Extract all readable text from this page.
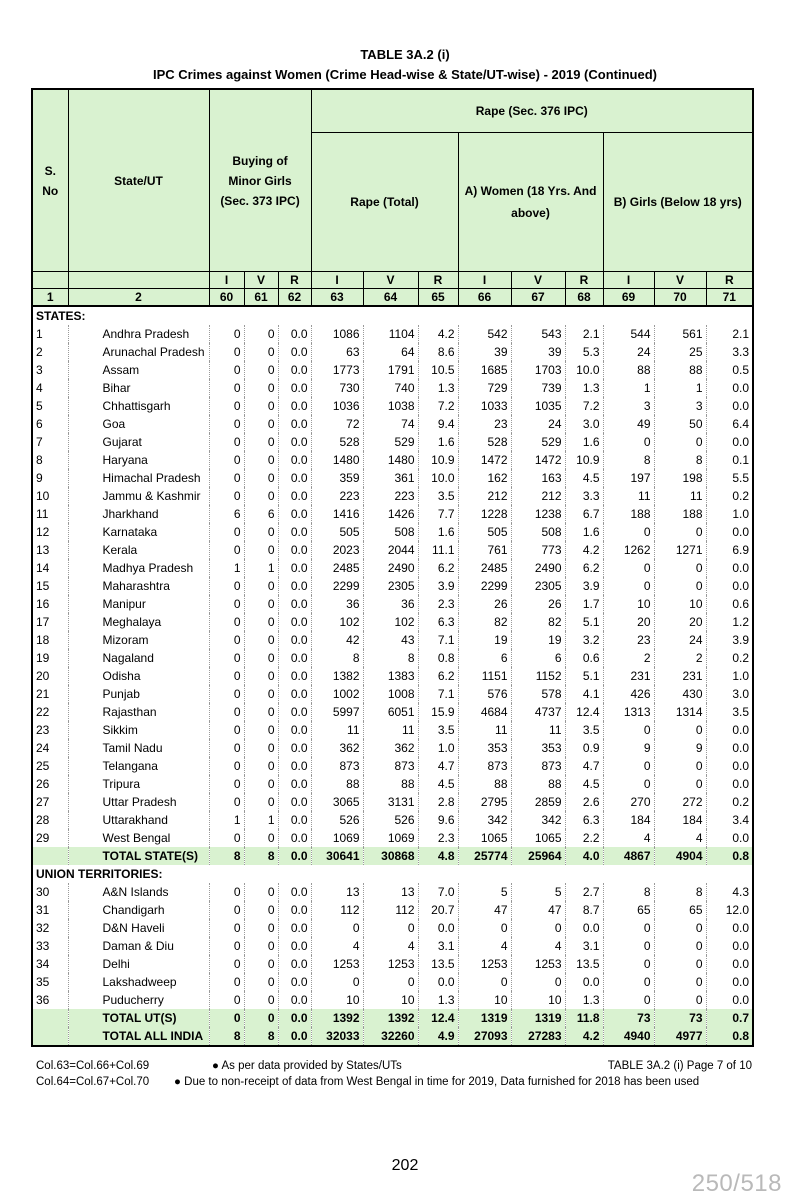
TABLE 3A.2 (i)
IPC Crimes against Women (Crime Head-wise & State/UT-wise) - 2019 (Continued)
S. No	State/UT	Buying of Minor Girls (Sec. 373 IPC)			Rape (Sec. 376 IPC)								
					Rape (Total)			A) Women (18 Yrs. And above)			B) Girls (Below 18 yrs)		

		I	V	R	I	V	R	I	V	R	I	V	R
1	2	60	61	62	63	64	65	66	67	68	69	70	71
STATES:													
1	Andhra Pradesh	0	0	0.0	1086	1104	4.2	542	543	2.1	544	561	2.1
2	Arunachal Pradesh	0	0	0.0	63	64	8.6	39	39	5.3	24	25	3.3
3	Assam	0	0	0.0	1773	1791	10.5	1685	1703	10.0	88	88	0.5
4	Bihar	0	0	0.0	730	740	1.3	729	739	1.3	1	1	0.0
5	Chhattisgarh	0	0	0.0	1036	1038	7.2	1033	1035	7.2	3	3	0.0
6	Goa	0	0	0.0	72	74	9.4	23	24	3.0	49	50	6.4
7	Gujarat	0	0	0.0	528	529	1.6	528	529	1.6	0	0	0.0
8	Haryana	0	0	0.0	1480	1480	10.9	1472	1472	10.9	8	8	0.1
9	Himachal Pradesh	0	0	0.0	359	361	10.0	162	163	4.5	197	198	5.5
10	Jammu & Kashmir	0	0	0.0	223	223	3.5	212	212	3.3	11	11	0.2
11	Jharkhand	6	6	0.0	1416	1426	7.7	1228	1238	6.7	188	188	1.0
12	Karnataka	0	0	0.0	505	508	1.6	505	508	1.6	0	0	0.0
13	Kerala	0	0	0.0	2023	2044	11.1	761	773	4.2	1262	1271	6.9
14	Madhya Pradesh	1	1	0.0	2485	2490	6.2	2485	2490	6.2	0	0	0.0
15	Maharashtra	0	0	0.0	2299	2305	3.9	2299	2305	3.9	0	0	0.0
16	Manipur	0	0	0.0	36	36	2.3	26	26	1.7	10	10	0.6
17	Meghalaya	0	0	0.0	102	102	6.3	82	82	5.1	20	20	1.2
18	Mizoram	0	0	0.0	42	43	7.1	19	19	3.2	23	24	3.9
19	Nagaland	0	0	0.0	8	8	0.8	6	6	0.6	2	2	0.2
20	Odisha	0	0	0.0	1382	1383	6.2	1151	1152	5.1	231	231	1.0
21	Punjab	0	0	0.0	1002	1008	7.1	576	578	4.1	426	430	3.0
22	Rajasthan	0	0	0.0	5997	6051	15.9	4684	4737	12.4	1313	1314	3.5
23	Sikkim	0	0	0.0	11	11	3.5	11	11	3.5	0	0	0.0
24	Tamil Nadu	0	0	0.0	362	362	1.0	353	353	0.9	9	9	0.0
25	Telangana	0	0	0.0	873	873	4.7	873	873	4.7	0	0	0.0
26	Tripura	0	0	0.0	88	88	4.5	88	88	4.5	0	0	0.0
27	Uttar Pradesh	0	0	0.0	3065	3131	2.8	2795	2859	2.6	270	272	0.2
28	Uttarakhand	1	1	0.0	526	526	9.6	342	342	6.3	184	184	3.4
29	West Bengal	0	0	0.0	1069	1069	2.3	1065	1065	2.2	4	4	0.0
	TOTAL STATE(S)	8	8	0.0	30641	30868	4.8	25774	25964	4.0	4867	4904	0.8
UNION TERRITORIES:													
30	A&N Islands	0	0	0.0	13	13	7.0	5	5	2.7	8	8	4.3
31	Chandigarh	0	0	0.0	112	112	20.7	47	47	8.7	65	65	12.0
32	D&N Haveli	0	0	0.0	0	0	0.0	0	0	0.0	0	0	0.0
33	Daman & Diu	0	0	0.0	4	4	3.1	4	4	3.1	0	0	0.0
34	Delhi	0	0	0.0	1253	1253	13.5	1253	1253	13.5	0	0	0.0
35	Lakshadweep	0	0	0.0	0	0	0.0	0	0	0.0	0	0	0.0
36	Puducherry	0	0	0.0	10	10	1.3	10	10	1.3	0	0	0.0
	TOTAL UT(S)	0	0	0.0	1392	1392	12.4	1319	1319	11.8	73	73	0.7
	TOTAL ALL INDIA	8	8	0.0	32033	32260	4.9	27093	27283	4.2	4940	4977	0.8
Col.63=Col.66+Col.69	● As per data provided by States/UTs	TABLE 3A.2 (i) Page 7 of 10
Col.64=Col.67+Col.70 ● Due to non-receipt of data from West Bengal in time for 2019, Data furnished for 2018 has been used
202
250/518
